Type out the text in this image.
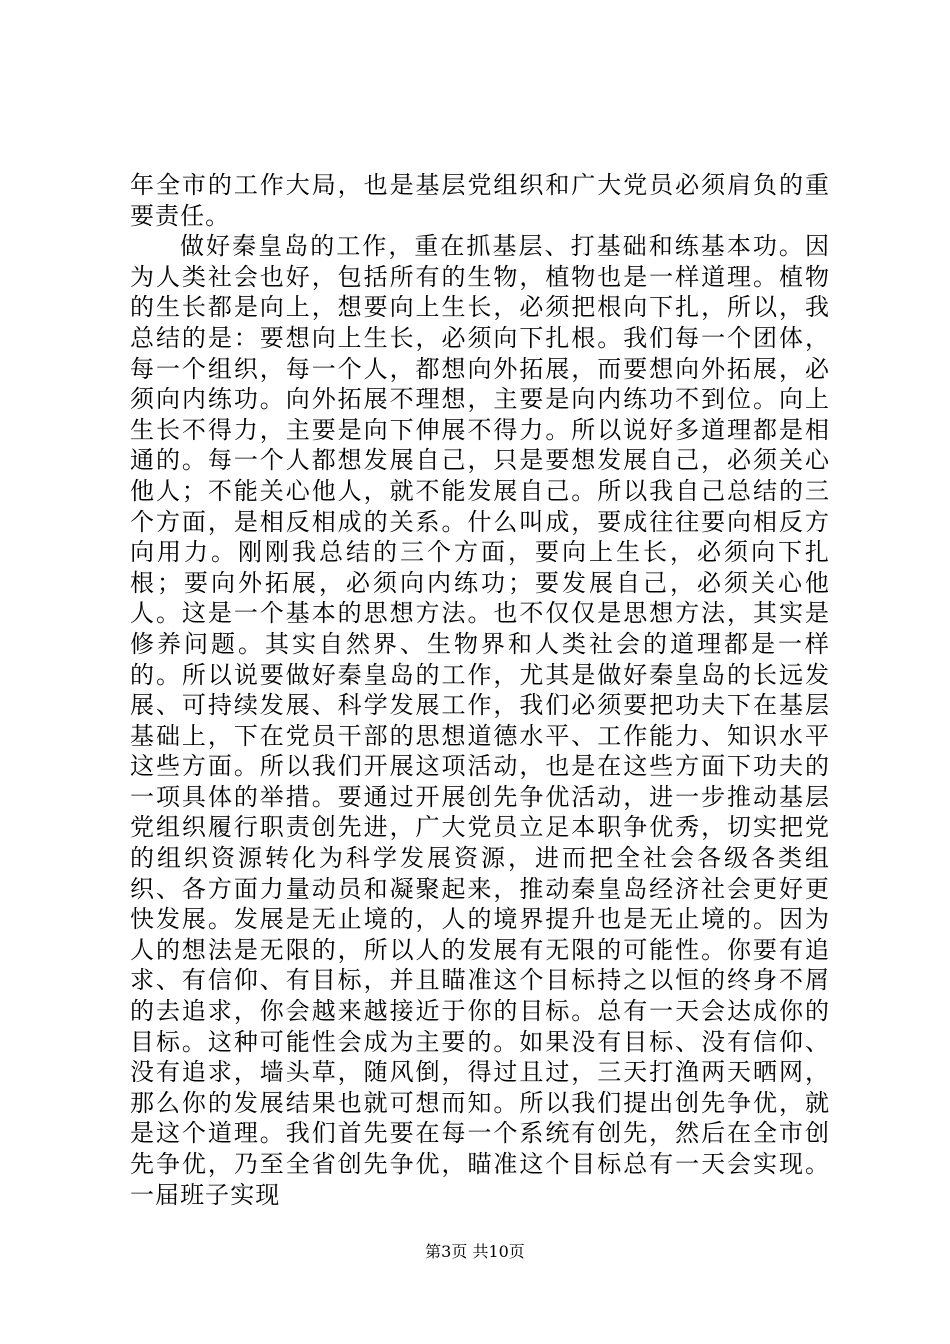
年全市的工作大局，也是基层党组织和广大党员必须肩负的重要责任。

做好秦皇岛的工作，重在抓基层、打基础和练基本功。因为人类社会也好，包括所有的生物，植物也是一样道理。植物的生长都是向上，想要向上生长，必须把根向下扎，所以，我总结的是：要想向上生长，必须向下扎根。我们每一个团体，每一个组织，每一个人，都想向外拓展，而要想向外拓展，必须向内练功。向外拓展不理想，主要是向内练功不到位。向上生长不得力，主要是向下伸展不得力。所以说好多道理都是相通的。每一个人都想发展自己，只是要想发展自己，必须关心他人；不能关心他人，就不能发展自己。所以我自己总结的三个方面，是相反相成的关系。什么叫成，要成往往要向相反方向用力。刚刚我总结的三个方面，要向上生长，必须向下扎根；要向外拓展，必须向内练功；要发展自己，必须关心他人。这是一个基本的思想方法。也不仅仅是思想方法，其实是修养问题。其实自然界、生物界和人类社会的道理都是一样的。所以说要做好秦皇岛的工作，尤其是做好秦皇岛的长远发展、可持续发展、科学发展工作，我们必须要把功夫下在基层基础上，下在党员干部的思想道德水平、工作能力、知识水平这些方面。所以我们开展这项活动，也是在这些方面下功夫的一项具体的举措。要通过开展创先争优活动，进一步推动基层党组织履行职责创先进，广大党员立足本职争优秀，切实把党的组织资源转化为科学发展资源，进而把全社会各级各类组织、各方面力量动员和凝聚起来，推动秦皇岛经济社会更好更快发展。发展是无止境的，人的境界提升也是无止境的。因为人的想法是无限的，所以人的发展有无限的可能性。你要有追求、有信仰、有目标，并且瞄准这个目标持之以恒的终身不屑的去追求，你会越来越接近于你的目标。总有一天会达成你的目标。这种可能性会成为主要的。如果没有目标、没有信仰、没有追求，墙头草，随风倒，得过且过，三天打渔两天晒网，那么你的发展结果也就可想而知。所以我们提出创先争优，就是这个道理。我们首先要在每一个系统有创先，然后在全市创先争优，乃至全省创先争优，瞄准这个目标总有一天会实现。一届班子实现

第3页 共10页
